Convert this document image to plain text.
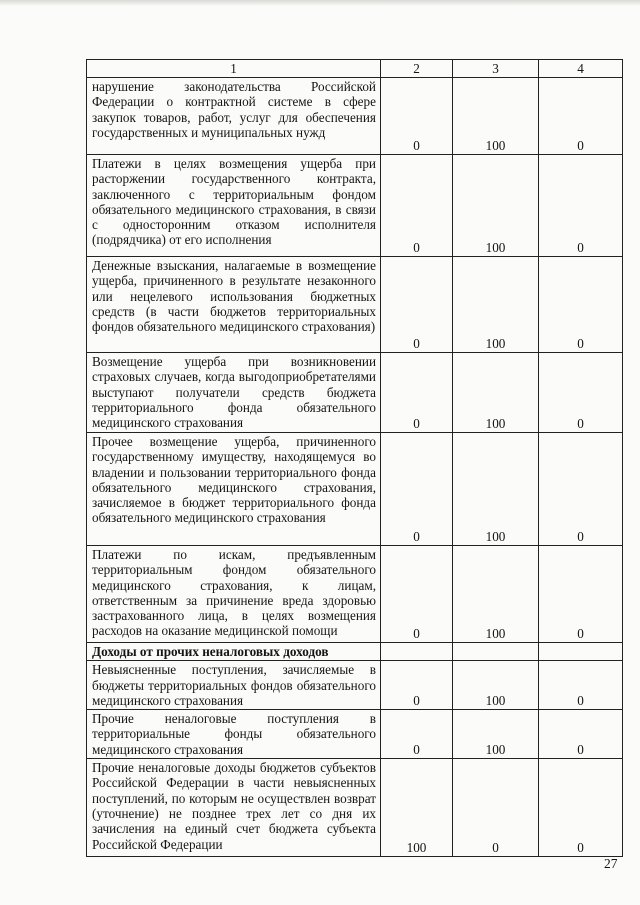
1	2	3	4
нарушение законодательства Российской Федерации о контрактной системе в сфере закупок товаров, работ, услуг для обеспечения государственных и муниципальных нужд	0	100	0
Платежи в целях возмещения ущерба при расторжении государственного контракта, заключенного с территориальным фондом обязательного медицинского страхования, в связи с односторонним отказом исполнителя (подрядчика) от его исполнения	0	100	0
Денежные взыскания, налагаемые в возмещение ущерба, причиненного в результате незаконного или нецелевого использования бюджетных средств (в части бюджетов территориальных фондов обязательного медицинского страхования)	0	100	0
Возмещение ущерба при возникновении страховых случаев, когда выгодоприобретателями выступают получатели средств бюджета территориального фонда обязательного медицинского страхования	0	100	0
Прочее возмещение ущерба, причиненного государственному имуществу, находящемуся во владении и пользовании территориального фонда обязательного медицинского страхования, зачисляемое в бюджет территориального фонда обязательного медицинского страхования	0	100	0
Платежи по искам, предъявленным территориальным фондом обязательного медицинского страхования, к лицам, ответственным за причинение вреда здоровью застрахованного лица, в целях возмещения расходов на оказание медицинской помощи	0	100	0
Доходы от прочих неналоговых доходов			
Невыясненные поступления, зачисляемые в бюджеты территориальных фондов обязательного медицинского страхования	0	100	0
Прочие неналоговые поступления в территориальные фонды обязательного медицинского страхования	0	100	0
Прочие неналоговые доходы бюджетов субъектов Российской Федерации в части невыясненных поступлений, по которым не осуществлен возврат (уточнение) не позднее трех лет со дня их зачисления на единый счет бюджета субъекта Российской Федерации	100	0	0
27
